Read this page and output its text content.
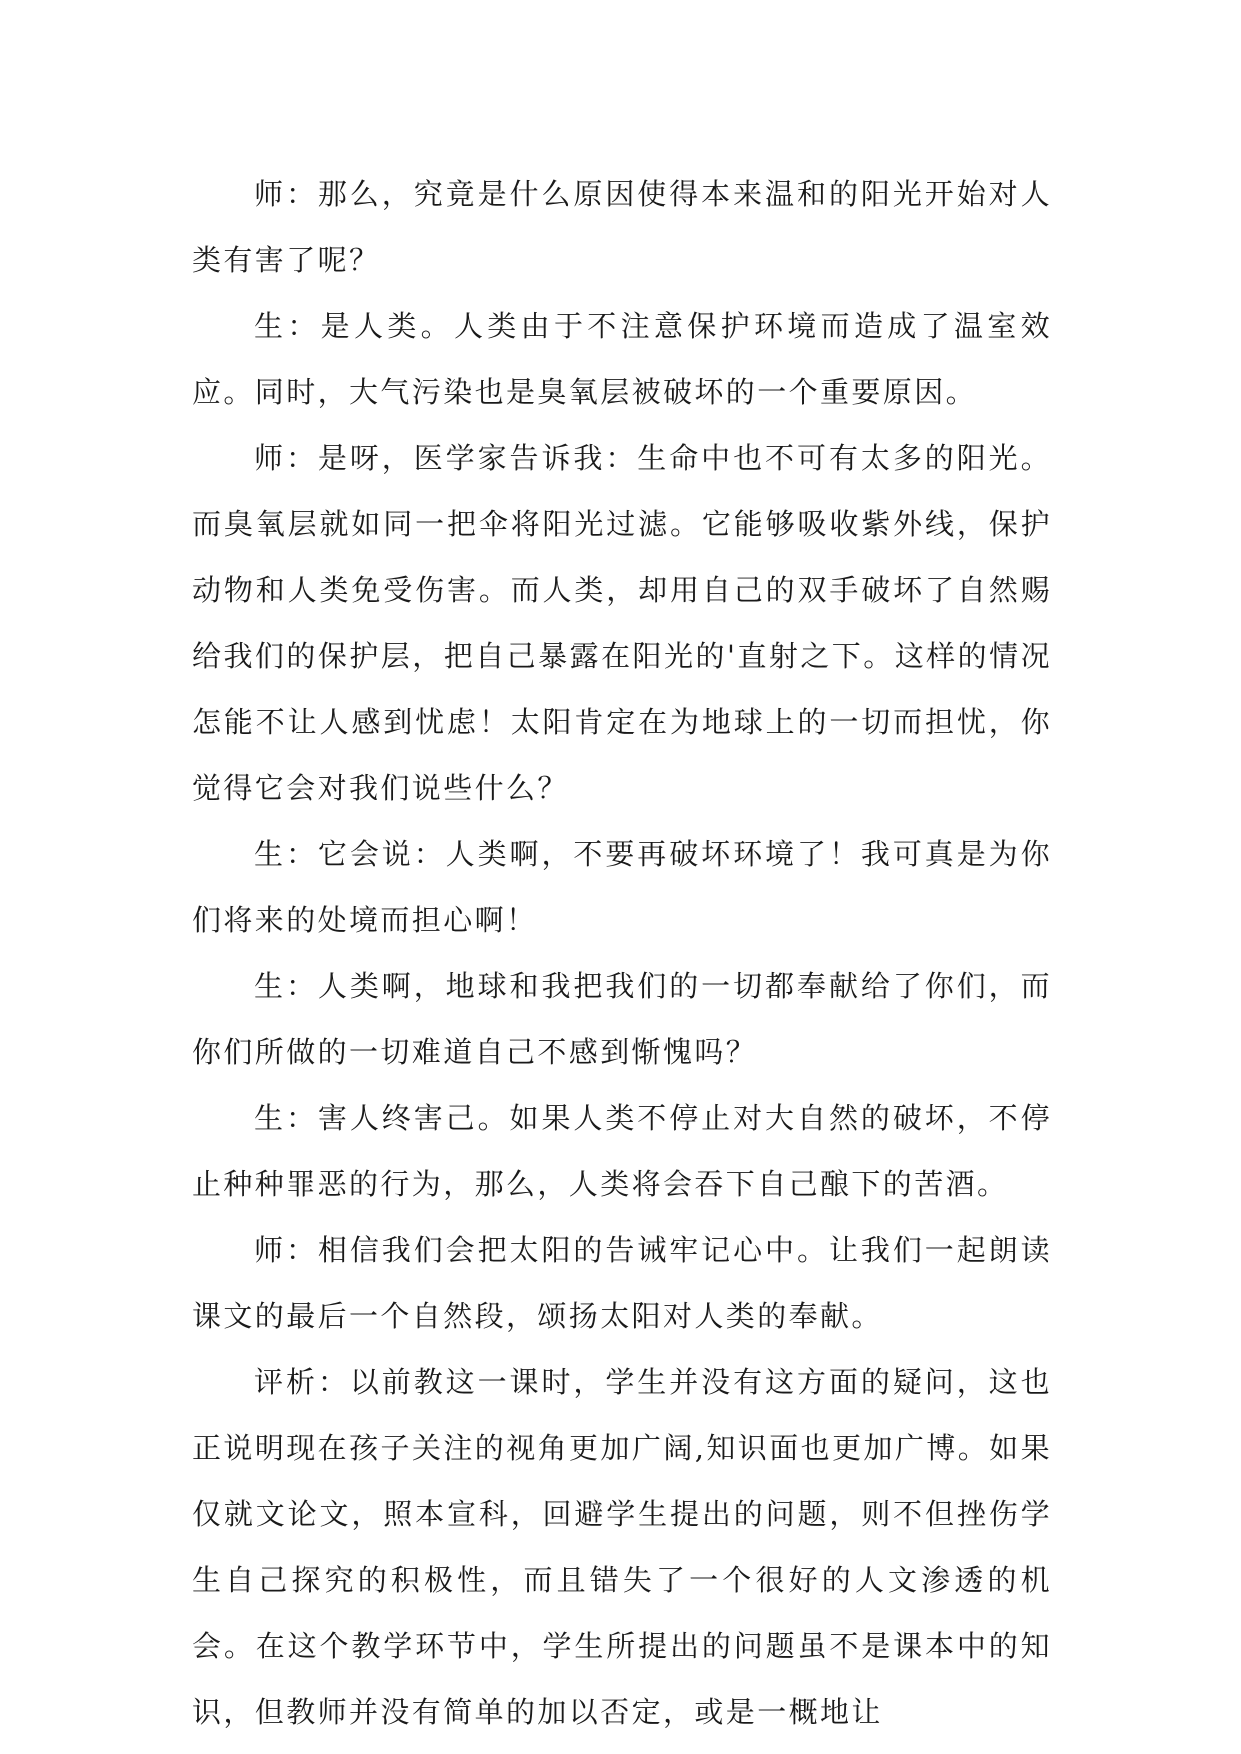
师：那么，究竟是什么原因使得本来温和的阳光开始对人类有害了呢？

生：是人类。人类由于不注意保护环境而造成了温室效应。同时，大气污染也是臭氧层被破坏的一个重要原因。

师：是呀，医学家告诉我：生命中也不可有太多的阳光。而臭氧层就如同一把伞将阳光过滤。它能够吸收紫外线，保护动物和人类免受伤害。而人类，却用自己的双手破坏了自然赐给我们的保护层，把自己暴露在阳光的'直射之下。这样的情况怎能不让人感到忧虑！太阳肯定在为地球上的一切而担忧，你觉得它会对我们说些什么？

生：它会说：人类啊，不要再破坏环境了！我可真是为你们将来的处境而担心啊！

生：人类啊，地球和我把我们的一切都奉献给了你们，而你们所做的一切难道自己不感到惭愧吗？

生：害人终害己。如果人类不停止对大自然的破坏，不停止种种罪恶的行为，那么，人类将会吞下自己酿下的苦酒。

师：相信我们会把太阳的告诫牢记心中。让我们一起朗读课文的最后一个自然段，颂扬太阳对人类的奉献。

评析：以前教这一课时，学生并没有这方面的疑问，这也正说明现在孩子关注的视角更加广阔,知识面也更加广博。如果仅就文论文，照本宣科，回避学生提出的问题，则不但挫伤学生自己探究的积极性，而且错失了一个很好的人文渗透的机会。在这个教学环节中，学生所提出的问题虽不是课本中的知识，但教师并没有简单的加以否定，或是一概地让
